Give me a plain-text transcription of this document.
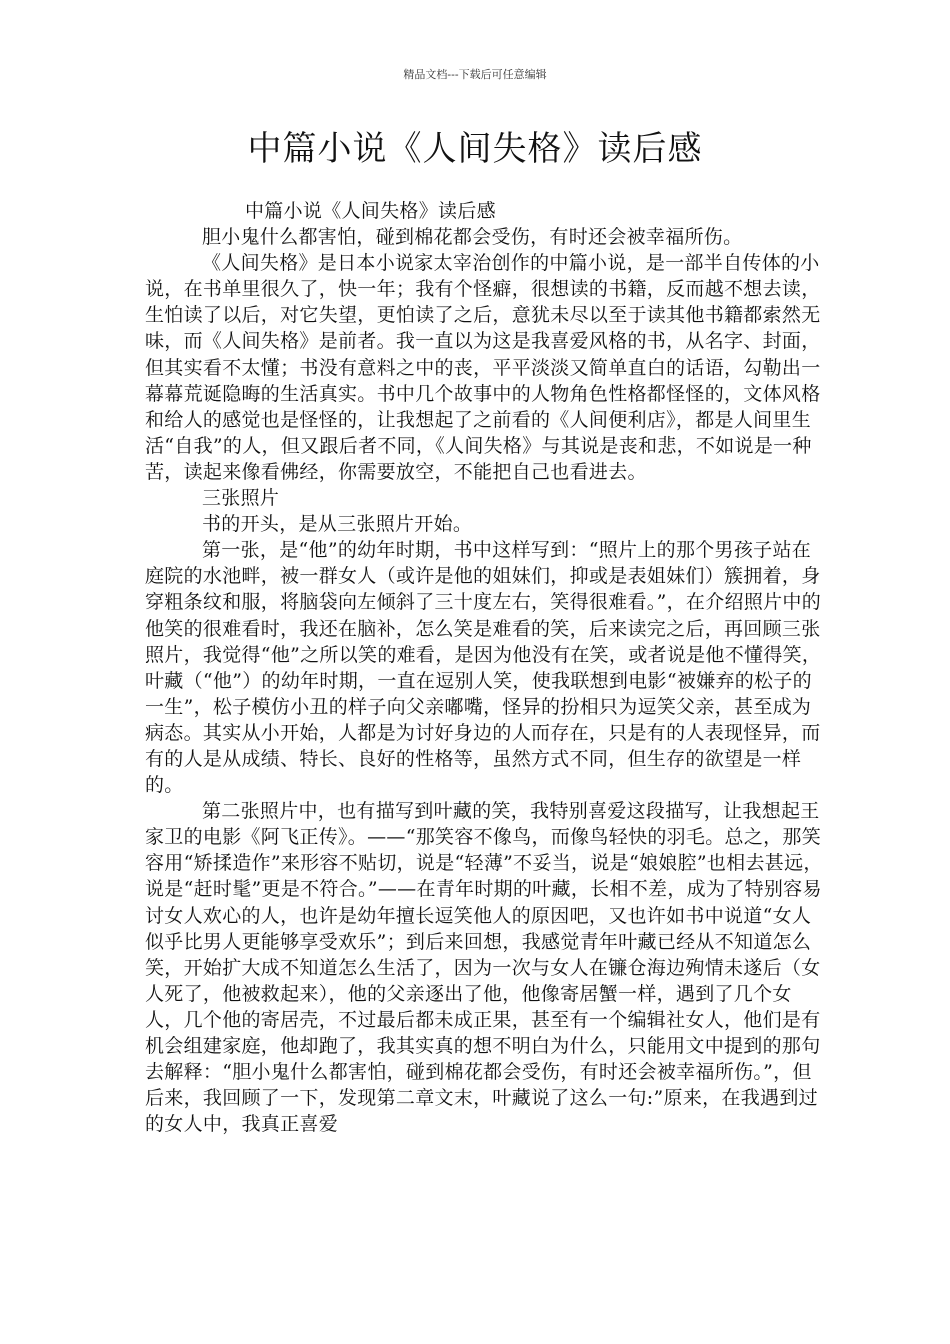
精品文档---下载后可任意编辑
中篇小说《人间失格》读后感

中篇小说《人间失格》读后感

胆小鬼什么都害怕，碰到棉花都会受伤，有时还会被幸福所伤。

《人间失格》是日本小说家太宰治创作的中篇小说，是一部半自传体的小说，在书单里很久了，快一年；我有个怪癖，很想读的书籍，反而越不想去读，生怕读了以后，对它失望，更怕读了之后，意犹未尽以至于读其他书籍都索然无味，而《人间失格》是前者。我一直以为这是我喜爱风格的书，从名字、封面，但其实看不太懂；书没有意料之中的丧，平平淡淡又简单直白的话语，勾勒出一幕幕荒诞隐晦的生活真实。书中几个故事中的人物角色性格都怪怪的，文体风格和给人的感觉也是怪怪的，让我想起了之前看的《人间便利店》，都是人间里生活“自我”的人，但又跟后者不同，《人间失格》与其说是丧和悲，不如说是一种苦，读起来像看佛经，你需要放空，不能把自己也看进去。

三张照片

书的开头，是从三张照片开始。

第一张，是“他”的幼年时期，书中这样写到：“照片上的那个男孩子站在庭院的水池畔，被一群女人（或许是他的姐妹们，抑或是表姐妹们）簇拥着，身穿粗条纹和服，将脑袋向左倾斜了三十度左右，笑得很难看。”，在介绍照片中的他笑的很难看时，我还在脑补，怎么笑是难看的笑，后来读完之后，再回顾三张照片，我觉得“他”之所以笑的难看，是因为他没有在笑，或者说是他不懂得笑，叶藏（“他”）的幼年时期，一直在逗别人笑，使我联想到电影“被嫌弃的松子的一生”，松子模仿小丑的样子向父亲嘟嘴，怪异的扮相只为逗笑父亲，甚至成为病态。其实从小开始，人都是为讨好身边的人而存在，只是有的人表现怪异，而有的人是从成绩、特长、良好的性格等，虽然方式不同，但生存的欲望是一样的。

第二张照片中，也有描写到叶藏的笑，我特别喜爱这段描写，让我想起王家卫的电影《阿飞正传》。——“那笑容不像鸟，而像鸟轻快的羽毛。总之，那笑容用“矫揉造作”来形容不贴切，说是“轻薄”不妥当，说是“娘娘腔”也相去甚远，说是“赶时髦”更是不符合。”——在青年时期的叶藏，长相不差，成为了特别容易讨女人欢心的人，也许是幼年擅长逗笑他人的原因吧，又也许如书中说道“女人似乎比男人更能够享受欢乐”；到后来回想，我感觉青年叶藏已经从不知道怎么笑，开始扩大成不知道怎么生活了，因为一次与女人在镰仓海边殉情未遂后（女人死了，他被救起来），他的父亲逐出了他，他像寄居蟹一样，遇到了几个女人，几个他的寄居壳，不过最后都未成正果，甚至有一个编辑社女人，他们是有机会组建家庭，他却跑了，我其实真的想不明白为什么，只能用文中提到的那句去解释：“胆小鬼什么都害怕，碰到棉花都会受伤，有时还会被幸福所伤。”，但后来，我回顾了一下，发现第二章文末，叶藏说了这么一句:”原来，在我遇到过的女人中，我真正喜爱
